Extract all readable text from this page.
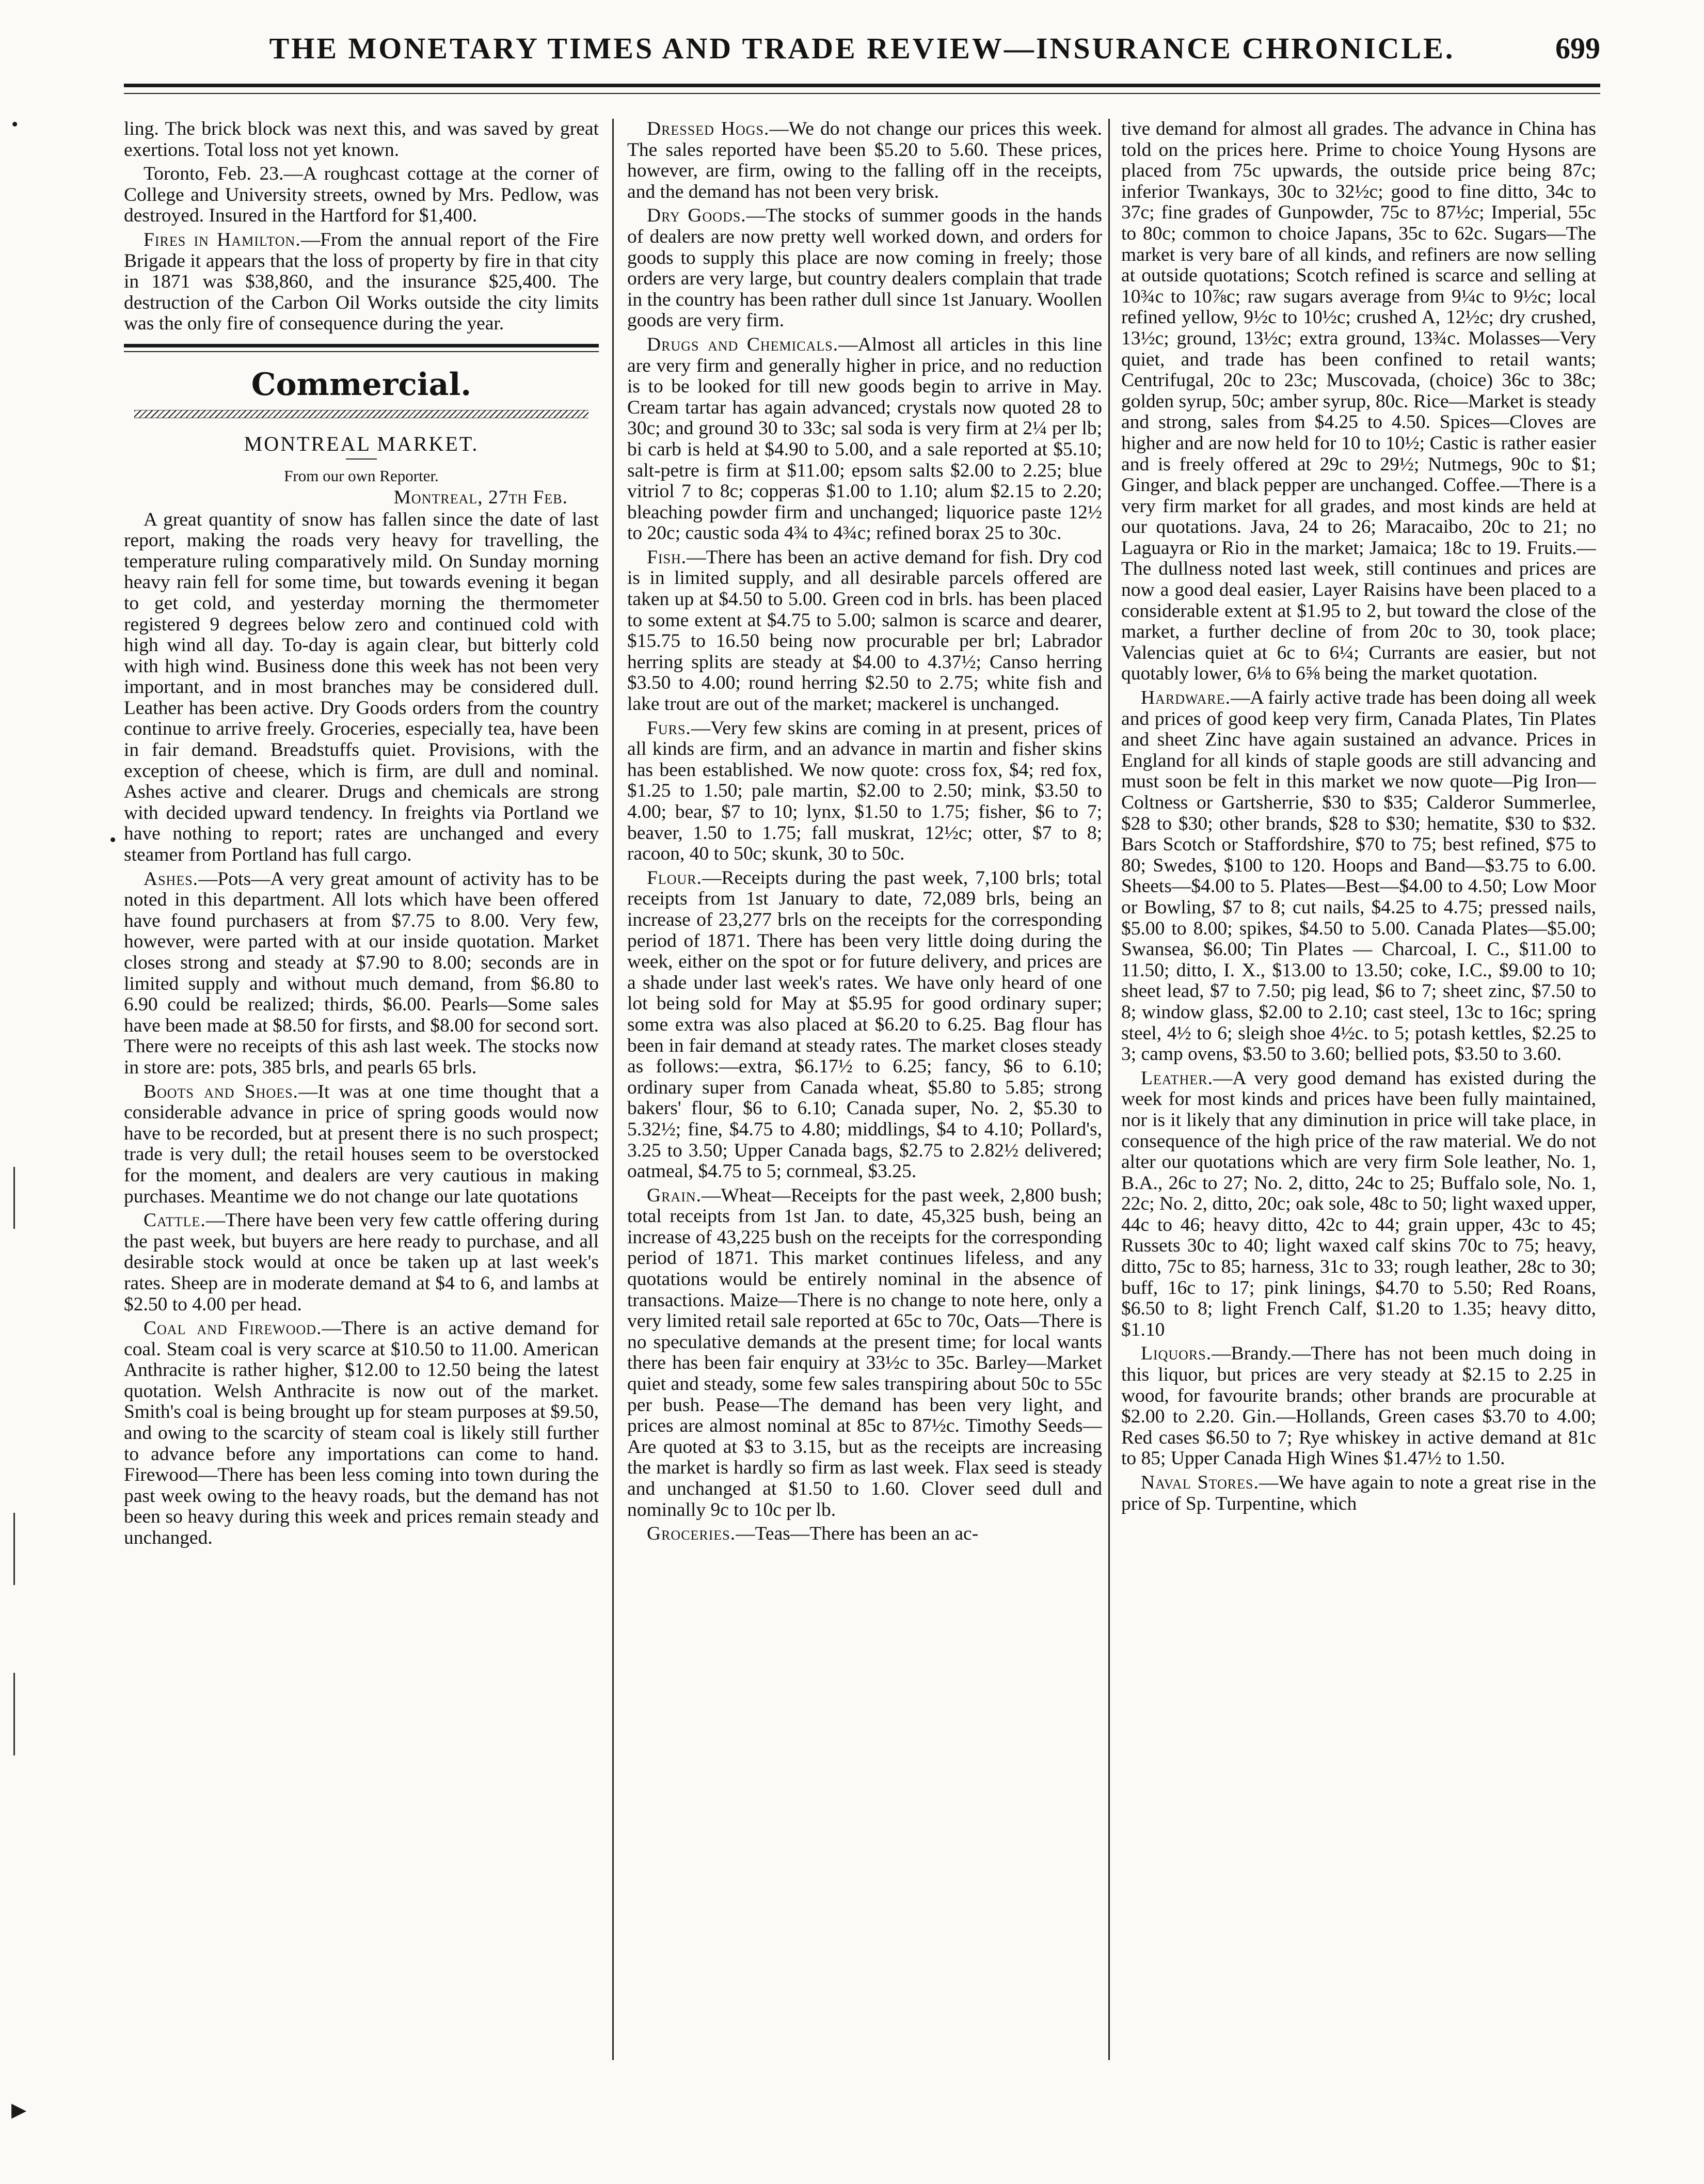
THE MONETARY TIMES AND TRADE REVIEW—INSURANCE CHRONICLE.	699
•
•
▶

ling. The brick block was next this, and was saved by great exertions. Total loss not yet known.

Toronto, Feb. 23.—A roughcast cottage at the corner of College and University streets, owned by Mrs. Pedlow, was destroyed. Insured in the Hartford for $1,400.

Fires in Hamilton.—From the annual report of the Fire Brigade it appears that the loss of property by fire in that city in 1871 was $38,860, and the insurance $25,400. The destruction of the Carbon Oil Works outside the city limits was the only fire of consequence during the year.

Commercial.
MONTREAL MARKET.
From our own Reporter.
Montreal, 27th Feb.

A great quantity of snow has fallen since the date of last report, making the roads very heavy for travelling, the temperature ruling comparatively mild. On Sunday morning heavy rain fell for some time, but towards evening it began to get cold, and yesterday morning the thermometer registered 9 degrees below zero and continued cold with high wind all day. To-day is again clear, but bitterly cold with high wind. Business done this week has not been very important, and in most branches may be considered dull. Leather has been active. Dry Goods orders from the country continue to arrive freely. Groceries, especially tea, have been in fair demand. Breadstuffs quiet. Provisions, with the exception of cheese, which is firm, are dull and nominal. Ashes active and clearer. Drugs and chemicals are strong with decided upward tendency. In freights via Portland we have nothing to report; rates are unchanged and every steamer from Portland has full cargo.

Ashes.—Pots—A very great amount of activity has to be noted in this department. All lots which have been offered have found purchasers at from $7.75 to 8.00. Very few, however, were parted with at our inside quotation. Market closes strong and steady at $7.90 to 8.00; seconds are in limited supply and without much demand, from $6.80 to 6.90 could be realized; thirds, $6.00. Pearls—Some sales have been made at $8.50 for firsts, and $8.00 for second sort. There were no receipts of this ash last week. The stocks now in store are: pots, 385 brls, and pearls 65 brls.

Boots and Shoes.—It was at one time thought that a considerable advance in price of spring goods would now have to be recorded, but at present there is no such prospect; trade is very dull; the retail houses seem to be overstocked for the moment, and dealers are very cautious in making purchases. Meantime we do not change our late quotations

Cattle.—There have been very few cattle offering during the past week, but buyers are here ready to purchase, and all desirable stock would at once be taken up at last week's rates. Sheep are in moderate demand at $4 to 6, and lambs at $2.50 to 4.00 per head.

Coal and Firewood.—There is an active demand for coal. Steam coal is very scarce at $10.50 to 11.00. American Anthracite is rather higher, $12.00 to 12.50 being the latest quotation. Welsh Anthracite is now out of the market. Smith's coal is being brought up for steam purposes at $9.50, and owing to the scarcity of steam coal is likely still further to advance before any importations can come to hand. Firewood—There has been less coming into town during the past week owing to the heavy roads, but the demand has not been so heavy during this week and prices remain steady and unchanged.

Dressed Hogs.—We do not change our prices this week. The sales reported have been $5.20 to 5.60. These prices, however, are firm, owing to the falling off in the receipts, and the demand has not been very brisk.

Dry Goods.—The stocks of summer goods in the hands of dealers are now pretty well worked down, and orders for goods to supply this place are now coming in freely; those orders are very large, but country dealers complain that trade in the country has been rather dull since 1st January. Woollen goods are very firm.

Drugs and Chemicals.—Almost all articles in this line are very firm and generally higher in price, and no reduction is to be looked for till new goods begin to arrive in May. Cream tartar has again advanced; crystals now quoted 28 to 30c; and ground 30 to 33c; sal soda is very firm at 2¼ per lb; bi carb is held at $4.90 to 5.00, and a sale reported at $5.10; salt-petre is firm at $11.00; epsom salts $2.00 to 2.25; blue vitriol 7 to 8c; copperas $1.00 to 1.10; alum $2.15 to 2.20; bleaching powder firm and unchanged; liquorice paste 12½ to 20c; caustic soda 4¾ to 4¾c; refined borax 25 to 30c.

Fish.—There has been an active demand for fish. Dry cod is in limited supply, and all desirable parcels offered are taken up at $4.50 to 5.00. Green cod in brls. has been placed to some extent at $4.75 to 5.00; salmon is scarce and dearer, $15.75 to 16.50 being now procurable per brl; Labrador herring splits are steady at $4.00 to 4.37½; Canso herring $3.50 to 4.00; round herring $2.50 to 2.75; white fish and lake trout are out of the market; mackerel is unchanged.

Furs.—Very few skins are coming in at present, prices of all kinds are firm, and an advance in martin and fisher skins has been established. We now quote: cross fox, $4; red fox, $1.25 to 1.50; pale martin, $2.00 to 2.50; mink, $3.50 to 4.00; bear, $7 to 10; lynx, $1.50 to 1.75; fisher, $6 to 7; beaver, 1.50 to 1.75; fall muskrat, 12½c; otter, $7 to 8; racoon, 40 to 50c; skunk, 30 to 50c.

Flour.—Receipts during the past week, 7,100 brls; total receipts from 1st January to date, 72,089 brls, being an increase of 23,277 brls on the receipts for the corresponding period of 1871. There has been very little doing during the week, either on the spot or for future delivery, and prices are a shade under last week's rates. We have only heard of one lot being sold for May at $5.95 for good ordinary super; some extra was also placed at $6.20 to 6.25. Bag flour has been in fair demand at steady rates. The market closes steady as follows:—extra, $6.17½ to 6.25; fancy, $6 to 6.10; ordinary super from Canada wheat, $5.80 to 5.85; strong bakers' flour, $6 to 6.10; Canada super, No. 2, $5.30 to 5.32½; fine, $4.75 to 4.80; middlings, $4 to 4.10; Pollard's, 3.25 to 3.50; Upper Canada bags, $2.75 to 2.82½ delivered; oatmeal, $4.75 to 5; cornmeal, $3.25.

Grain.—Wheat—Receipts for the past week, 2,800 bush; total receipts from 1st Jan. to date, 45,325 bush, being an increase of 43,225 bush on the receipts for the corresponding period of 1871. This market continues lifeless, and any quotations would be entirely nominal in the absence of transactions. Maize—There is no change to note here, only a very limited retail sale reported at 65c to 70c, Oats—There is no speculative demands at the present time; for local wants there has been fair enquiry at 33½c to 35c. Barley—Market quiet and steady, some few sales transpiring about 50c to 55c per bush. Pease—The demand has been very light, and prices are almost nominal at 85c to 87½c. Timothy Seeds—Are quoted at $3 to 3.15, but as the receipts are increasing the market is hardly so firm as last week. Flax seed is steady and unchanged at $1.50 to 1.60. Clover seed dull and nominally 9c to 10c per lb.

Groceries.—Teas—There has been an ac-

tive demand for almost all grades. The advance in China has told on the prices here. Prime to choice Young Hysons are placed from 75c upwards, the outside price being 87c; inferior Twankays, 30c to 32½c; good to fine ditto, 34c to 37c; fine grades of Gunpowder, 75c to 87½c; Imperial, 55c to 80c; common to choice Japans, 35c to 62c. Sugars—The market is very bare of all kinds, and refiners are now selling at outside quotations; Scotch refined is scarce and selling at 10¾c to 10⅞c; raw sugars average from 9¼c to 9½c; local refined yellow, 9½c to 10½c; crushed A, 12½c; dry crushed, 13½c; ground, 13½c; extra ground, 13¾c. Molasses—Very quiet, and trade has been confined to retail wants; Centrifugal, 20c to 23c; Muscovada, (choice) 36c to 38c; golden syrup, 50c; amber syrup, 80c. Rice—Market is steady and strong, sales from $4.25 to 4.50. Spices—Cloves are higher and are now held for 10 to 10½; Castic is rather easier and is freely offered at 29c to 29½; Nutmegs, 90c to $1; Ginger, and black pepper are unchanged. Coffee.—There is a very firm market for all grades, and most kinds are held at our quotations. Java, 24 to 26; Maracaibo, 20c to 21; no Laguayra or Rio in the market; Jamaica; 18c to 19. Fruits.—The dullness noted last week, still continues and prices are now a good deal easier, Layer Raisins have been placed to a considerable extent at $1.95 to 2, but toward the close of the market, a further decline of from 20c to 30, took place; Valencias quiet at 6c to 6¼; Currants are easier, but not quotably lower, 6⅛ to 6⅝ being the market quotation.

Hardware.—A fairly active trade has been doing all week and prices of good keep very firm, Canada Plates, Tin Plates and sheet Zinc have again sustained an advance. Prices in England for all kinds of staple goods are still advancing and must soon be felt in this market we now quote—Pig Iron—Coltness or Gartsherrie, $30 to $35; Calderor Summerlee, $28 to $30; other brands, $28 to $30; hematite, $30 to $32. Bars Scotch or Staffordshire, $70 to 75; best refined, $75 to 80; Swedes, $100 to 120. Hoops and Band—$3.75 to 6.00. Sheets—$4.00 to 5. Plates—Best—$4.00 to 4.50; Low Moor or Bowling, $7 to 8; cut nails, $4.25 to 4.75; pressed nails, $5.00 to 8.00; spikes, $4.50 to 5.00. Canada Plates—$5.00; Swansea, $6.00; Tin Plates — Charcoal, I. C., $11.00 to 11.50; ditto, I. X., $13.00 to 13.50; coke, I.C., $9.00 to 10; sheet lead, $7 to 7.50; pig lead, $6 to 7; sheet zinc, $7.50 to 8; window glass, $2.00 to 2.10; cast steel, 13c to 16c; spring steel, 4½ to 6; sleigh shoe 4½c. to 5; potash kettles, $2.25 to 3; camp ovens, $3.50 to 3.60; bellied pots, $3.50 to 3.60.

Leather.—A very good demand has existed during the week for most kinds and prices have been fully maintained, nor is it likely that any diminution in price will take place, in consequence of the high price of the raw material. We do not alter our quotations which are very firm Sole leather, No. 1, B.A., 26c to 27; No. 2, ditto, 24c to 25; Buffalo sole, No. 1, 22c; No. 2, ditto, 20c; oak sole, 48c to 50; light waxed upper, 44c to 46; heavy ditto, 42c to 44; grain upper, 43c to 45; Russets 30c to 40; light waxed calf skins 70c to 75; heavy, ditto, 75c to 85; harness, 31c to 33; rough leather, 28c to 30; buff, 16c to 17; pink linings, $4.70 to 5.50; Red Roans, $6.50 to 8; light French Calf, $1.20 to 1.35; heavy ditto, $1.10

Liquors.—Brandy.—There has not been much doing in this liquor, but prices are very steady at $2.15 to 2.25 in wood, for favourite brands; other brands are procurable at $2.00 to 2.20. Gin.—Hollands, Green cases $3.70 to 4.00; Red cases $6.50 to 7; Rye whiskey in active demand at 81c to 85; Upper Canada High Wines $1.47½ to 1.50.

Naval Stores.—We have again to note a great rise in the price of Sp. Turpentine, which
